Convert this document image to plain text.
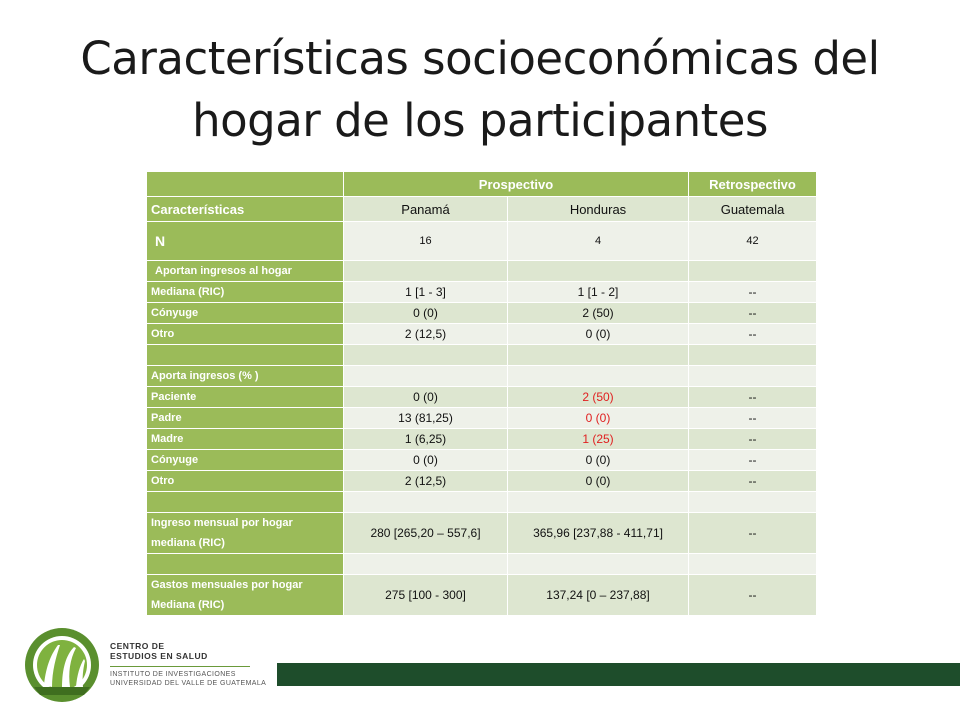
Características socioeconómicas del
hogar de los participantes
	Prospectivo		Retrospectivo
Características	Panamá	Honduras	Guatemala
N	16	4	42
Aportan ingresos al hogar			
Mediana (RIC)	1 [1 - 3]	1 [1 - 2]	--
Cónyuge	0 (0)	2 (50)	--
Otro	2 (12,5)	0 (0)	--

Aporta ingresos (% )			
Paciente	0 (0)	2 (50)	--
Padre	13 (81,25)	0 (0)	--
Madre	1 (6,25)	1 (25)	--
Cónyuge	0 (0)	0 (0)	--
Otro	2 (12,5)	0 (0)	--

Ingreso mensual por hogar mediana (RIC)	280 [265,20 – 557,6]	365,96 [237,88 - 411,71]	--

Gastos mensuales por hogar Mediana (RIC)	275 [100 - 300]	137,24 [0 – 237,88]	--
CENTRO DE
ESTUDIOS EN SALUD
INSTITUTO DE INVESTIGACIONES
UNIVERSIDAD DEL VALLE DE GUATEMALA
